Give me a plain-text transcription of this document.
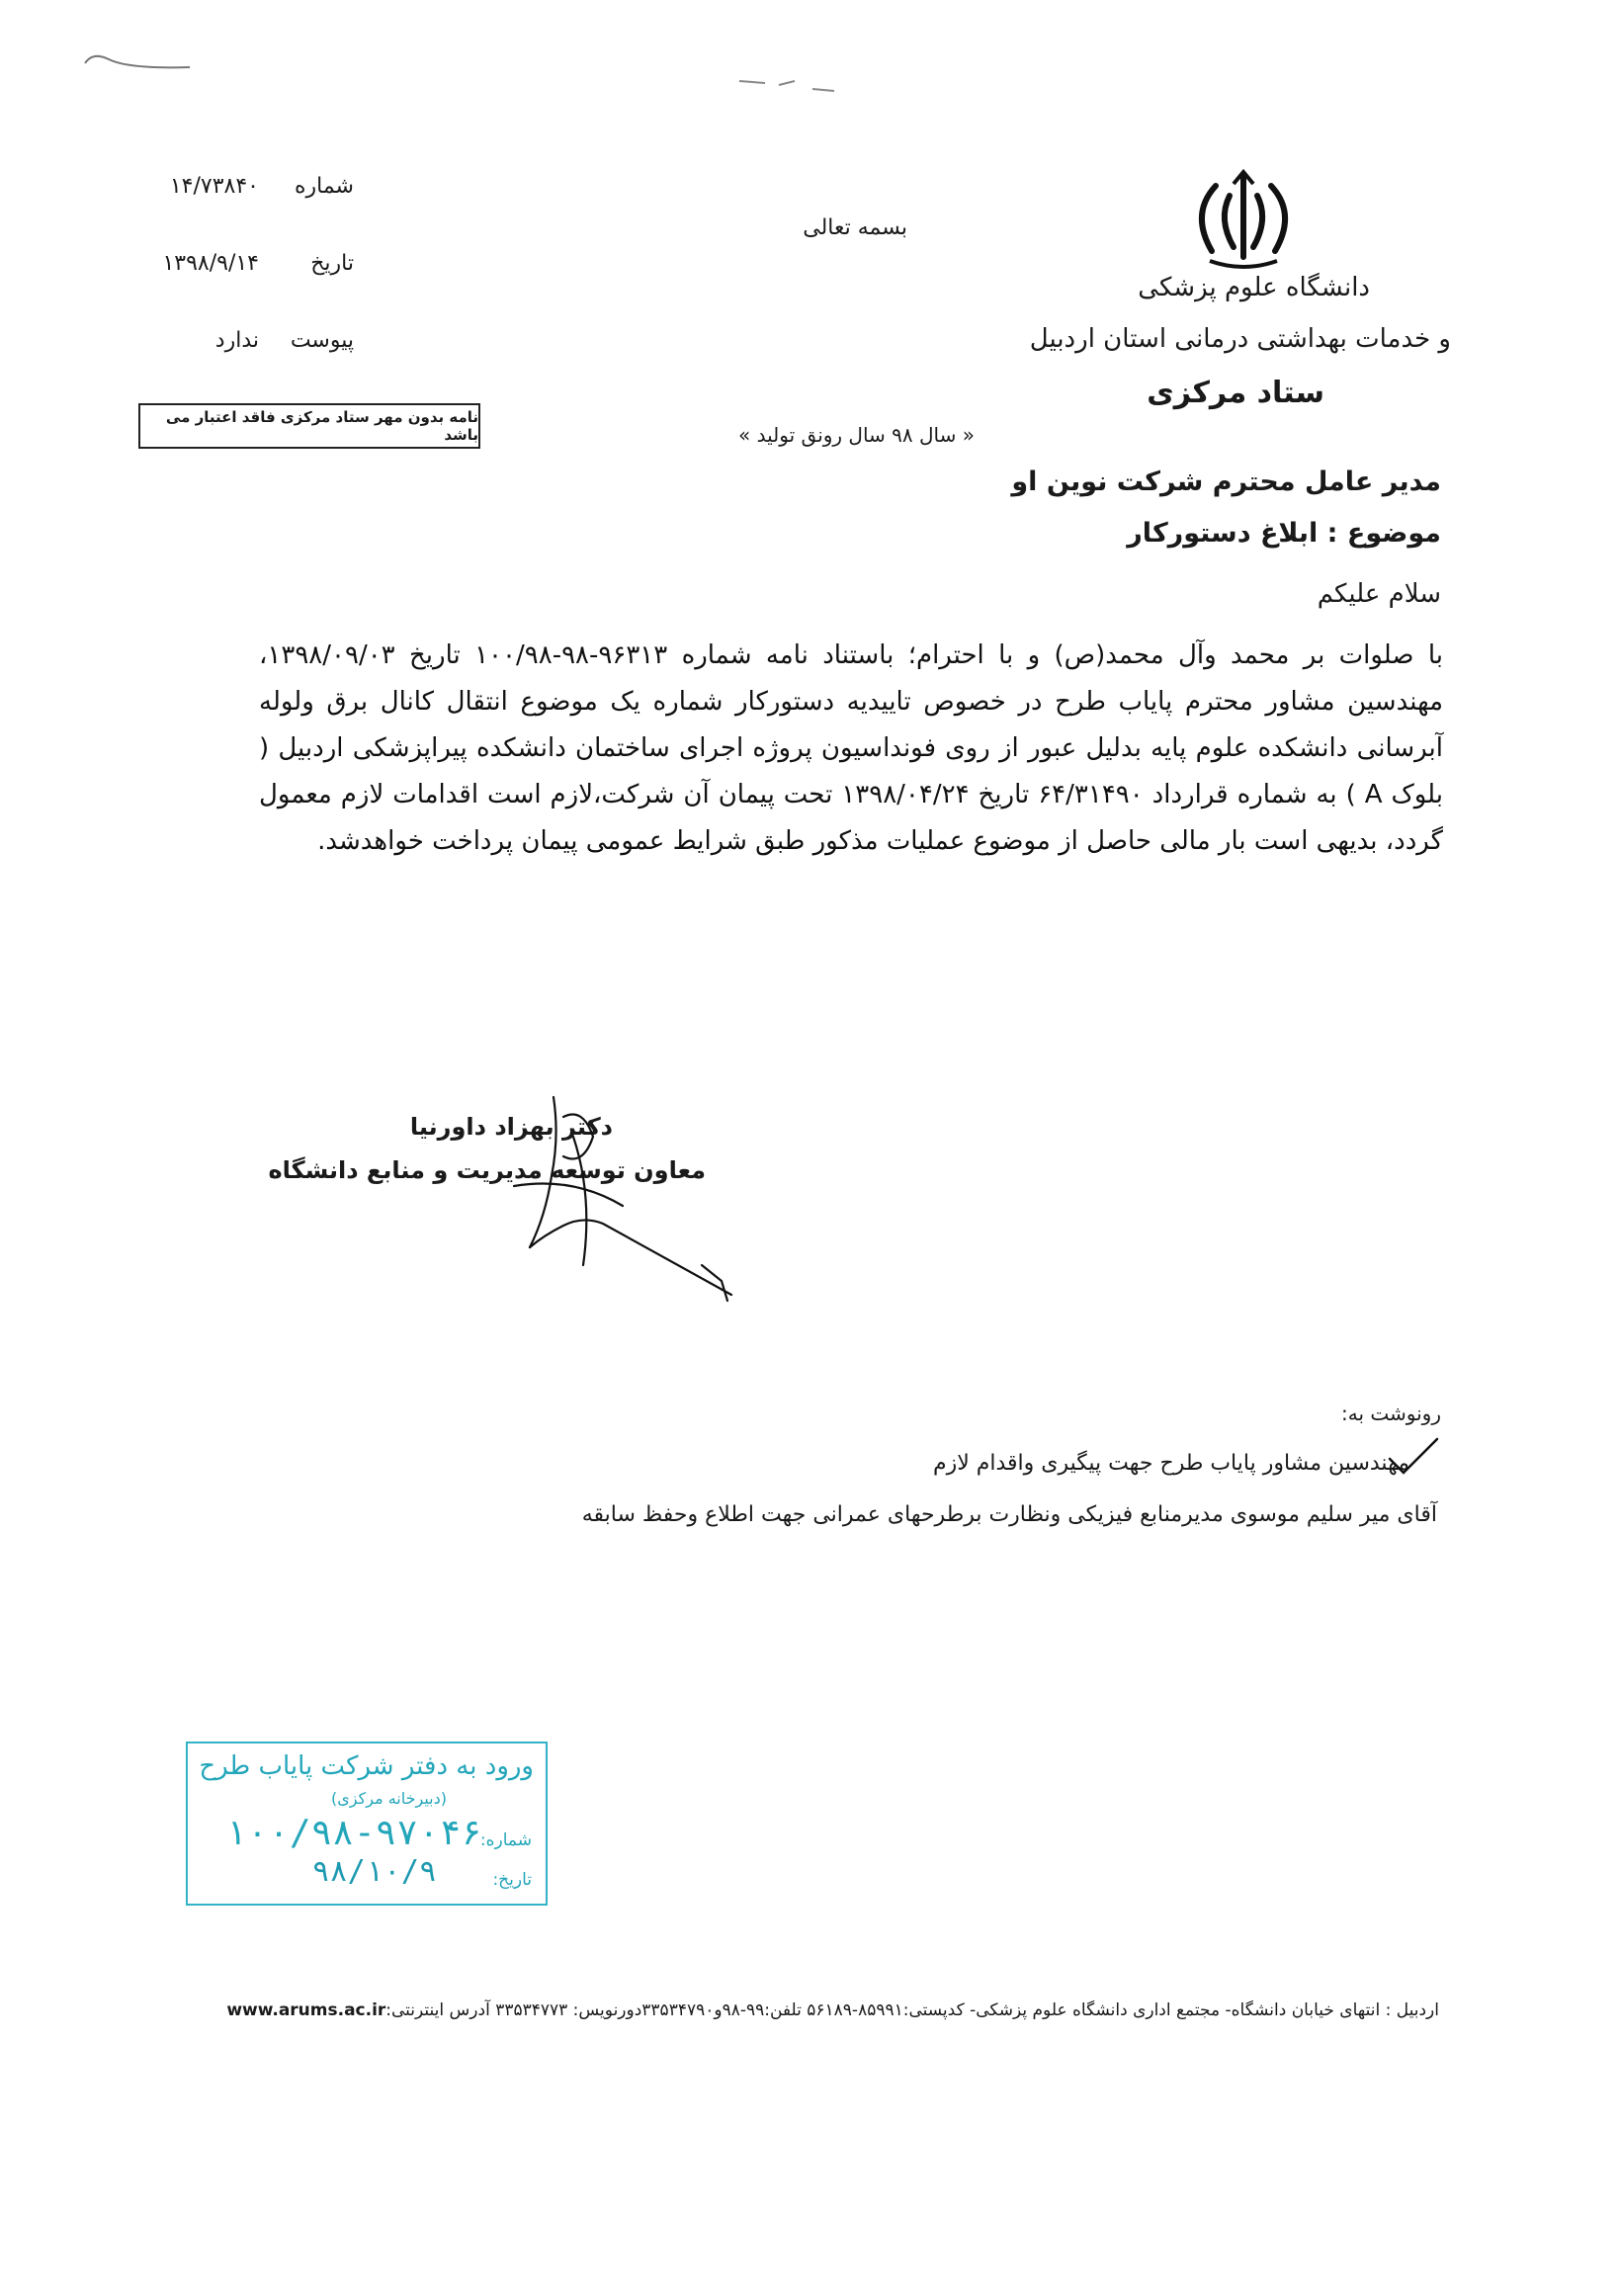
دانشگاه علوم پزشکی
و خدمات بهداشتی درمانی استان اردبیل
ستاد مرکزی
بسمه تعالی
« سال ۹۸ سال رونق تولید »
شماره۱۴/۷۳۸۴۰
تاریخ۱۳۹۸/۹/۱۴
پیوستندارد
نامه بدون مهر ستاد مرکزی فاقد اعتبار می باشد
مدیر عامل محترم شرکت نوین او
موضوع : ابلاغ دستورکار
سلام علیکم
با صلوات بر محمد وآل محمد(ص) و با احترام؛ باستناد نامه شماره ۹۶۳۱۳-۹۸-۱۰۰/۹۸ تاریخ ۱۳۹۸/۰۹/۰۳، مهندسین مشاور محترم پایاب طرح در خصوص تاییدیه دستورکار شماره یک موضوع انتقال کانال برق ولوله آبرسانی دانشکده علوم پایه بدلیل عبور از روی فونداسیون پروژه اجرای ساختمان دانشکده پیراپزشکی اردبیل ( بلوک A ) به شماره قرارداد ۶۴/۳۱۴۹۰ تاریخ ۱۳۹۸/۰۴/۲۴ تحت پیمان آن شرکت،لازم است اقدامات لازم معمول گردد، بدیهی است بار مالی حاصل از موضوع عملیات مذکور طبق شرایط عمومی پیمان پرداخت خواهدشد.
دکتر بهزاد داورنیا
معاون توسعه مدیریت و منابع دانشگاه
رونوشت به:
مهندسین مشاور پایاب طرح جهت پیگیری واقدام لازم
آقای میر سلیم موسوی مدیرمنابع فیزیکی ونظارت برطرحهای عمرانی جهت اطلاع وحفظ سابقه
ورود به دفتر شرکت پایاب طرح
(دبیرخانه مرکزی)
شماره:
۱۰۰/۹۸-۹۷۰۴۶
تاریخ:
۹۸/۱۰/۹
اردبیل : انتهای خیابان دانشگاه- مجتمع اداری دانشگاه علوم پزشکی- کدپستی:۸۵۹۹۱-۵۶۱۸۹ تلفن:۹۹-۹۸و۳۳۵۳۴۷۹۰دورنویس: ۳۳۵۳۴۷۷۳ آدرس اینترنتی:www.arums.ac.ir
